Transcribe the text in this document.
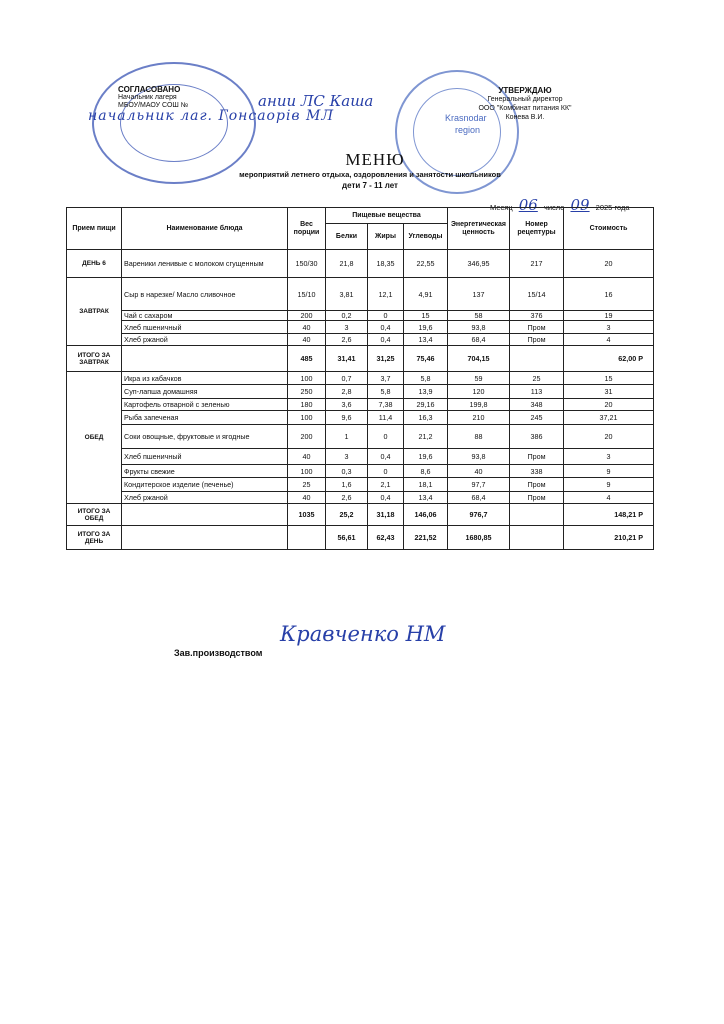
СОГЛАСОВАНО
Начальник лагеря
МБОУ/МАОУ СОШ №	ании ЛС Каша
начальник лаг. Гонсаорів МЛ
УТВЕРЖДАЮ
Генеральный директор
ООО "Комбинат питания КК"
Конева В.И.
Krasnodar
region
МЕНЮ
мероприятий летнего отдыха, оздоровления и занятости школьников
дети 7 - 11 лет
Месяц 06 число 09 2025 года
Прием пищи	Наименование блюда	Вес порции	Пищевые вещества			Энергетическая ценность	Номер рецептуры	Стоимость
			Белки	Жиры	Углеводы			
ДЕНЬ 6	Вареники ленивые с молоком сгущенным	150/30	21,8	18,35	22,55	346,95	217	20
ЗАВТРАК	Сыр в нарезке/ Масло сливочное	15/10	3,81	12,1	4,91	137	15/14	16
	Чай с сахаром	200	0,2	0	15	58	376	19
	Хлеб пшеничный	40	3	0,4	19,6	93,8	Пром	3
	Хлеб ржаной	40	2,6	0,4	13,4	68,4	Пром	4
ИТОГО ЗА ЗАВТРАК		485	31,41	31,25	75,46	704,15		62,00 Р
ОБЕД	Икра из кабачков	100	0,7	3,7	5,8	59	25	15
	Суп-лапша домашняя	250	2,8	5,8	13,9	120	113	31
	Картофель отварной с зеленью	180	3,6	7,38	29,16	199,8	348	20
	Рыба запеченая	100	9,6	11,4	16,3	210	245	37,21
	Соки овощные, фруктовые и ягодные	200	1	0	21,2	88	386	20
	Хлеб пшеничный	40	3	0,4	19,6	93,8	Пром	3
	Фрукты свежие	100	0,3	0	8,6	40	338	9
	Кондитерское изделие (печенье)	25	1,6	2,1	18,1	97,7	Пром	9
	Хлеб ржаной	40	2,6	0,4	13,4	68,4	Пром	4
ИТОГО ЗА ОБЕД		1035	25,2	31,18	146,06	976,7		148,21 Р
ИТОГО ЗА ДЕНЬ			56,61	62,43	221,52	1680,85		210,21 Р
Зав.производством
Кравченко НМ
